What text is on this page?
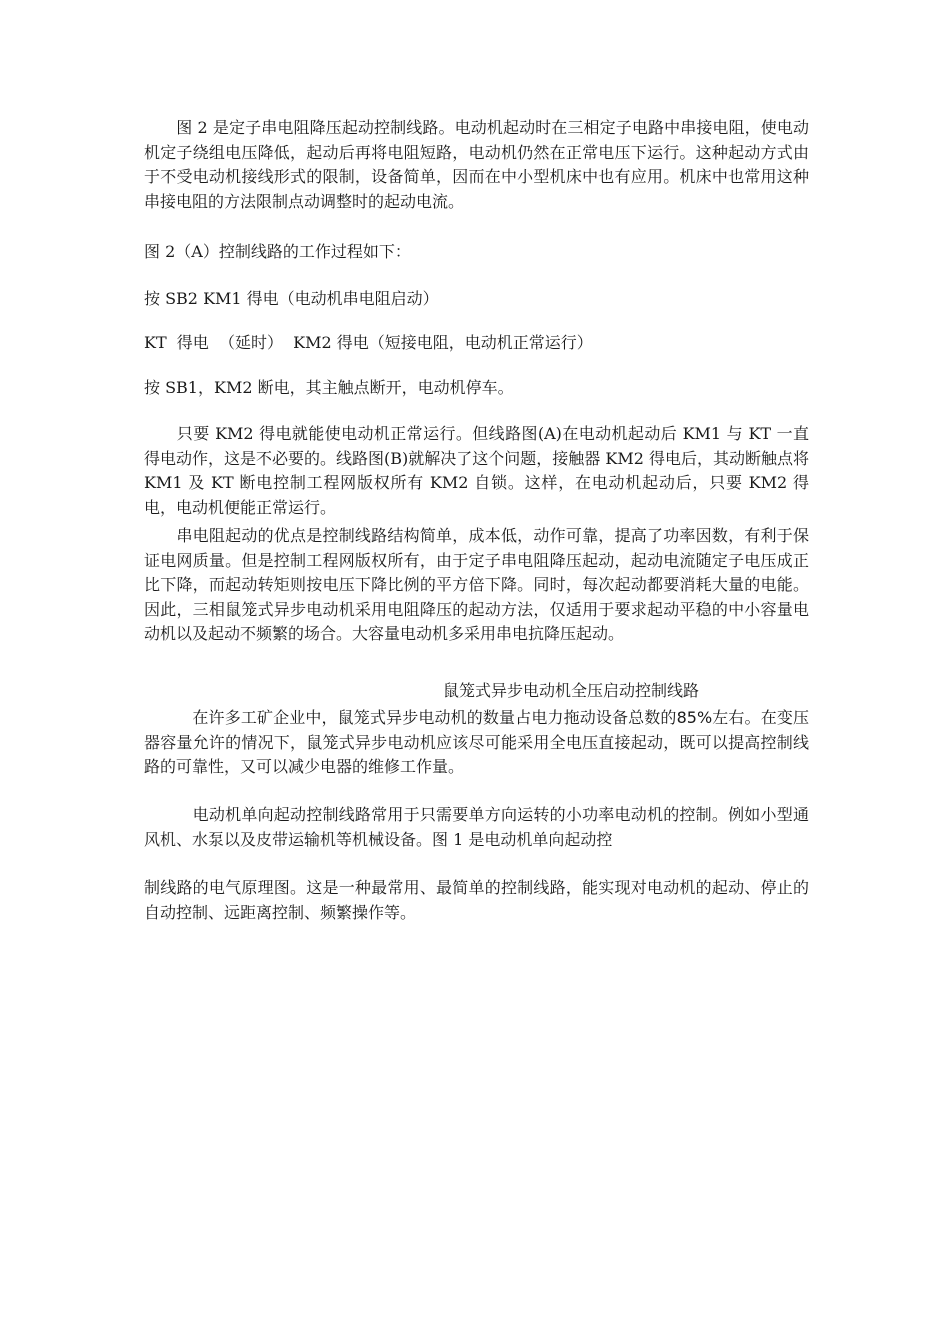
　　图 2 是定子串电阻降压起动控制线路。电动机起动时在三相定子电路中串接电阻，使电动机定子绕组电压降低，起动后再将电阻短路，电动机仍然在正常电压下运行。这种起动方式由于不受电动机接线形式的限制，设备简单，因而在中小型机床中也有应用。机床中也常用这种串接电阻的方法限制点动调整时的起动电流。

图 2（A）控制线路的工作过程如下：

按 SB2 KM1 得电（电动机串电阻启动）

KT  得电  （延时）  KM2 得电（短接电阻，电动机正常运行）

按 SB1，KM2 断电，其主触点断开，电动机停车。

　　只要 KM2 得电就能使电动机正常运行。但线路图(A)在电动机起动后 KM1 与 KT 一直得电动作，这是不必要的。线路图(B)就解决了这个问题，接触器 KM2 得电后，其动断触点将 KM1 及 KT 断电控制工程网版权所有 KM2 自锁。这样，在电动机起动后，只要 KM2 得电，电动机便能正常运行。

　　串电阻起动的优点是控制线路结构简单，成本低，动作可靠，提高了功率因数，有利于保证电网质量。但是控制工程网版权所有，由于定子串电阻降压起动，起动电流随定子电压成正比下降，而起动转矩则按电压下降比例的平方倍下降。同时，每次起动都要消耗大量的电能。因此，三相鼠笼式异步电动机采用电阻降压的起动方法，仅适用于要求起动平稳的中小容量电动机以及起动不频繁的场合。大容量电动机多采用串电抗降压起动。

鼠笼式异步电动机全压启动控制线路

　　　在许多工矿企业中，鼠笼式异步电动机的数量占电力拖动设备总数的85%左右。在变压器容量允许的情况下，鼠笼式异步电动机应该尽可能采用全电压直接起动，既可以提高控制线路的可靠性，又可以减少电器的维修工作量。

　　　电动机单向起动控制线路常用于只需要单方向运转的小功率电动机的控制。例如小型通风机、水泵以及皮带运输机等机械设备。图 1 是电动机单向起动控

制线路的电气原理图。这是一种最常用、最简单的控制线路，能实现对电动机的起动、停止的自动控制、远距离控制、频繁操作等。
